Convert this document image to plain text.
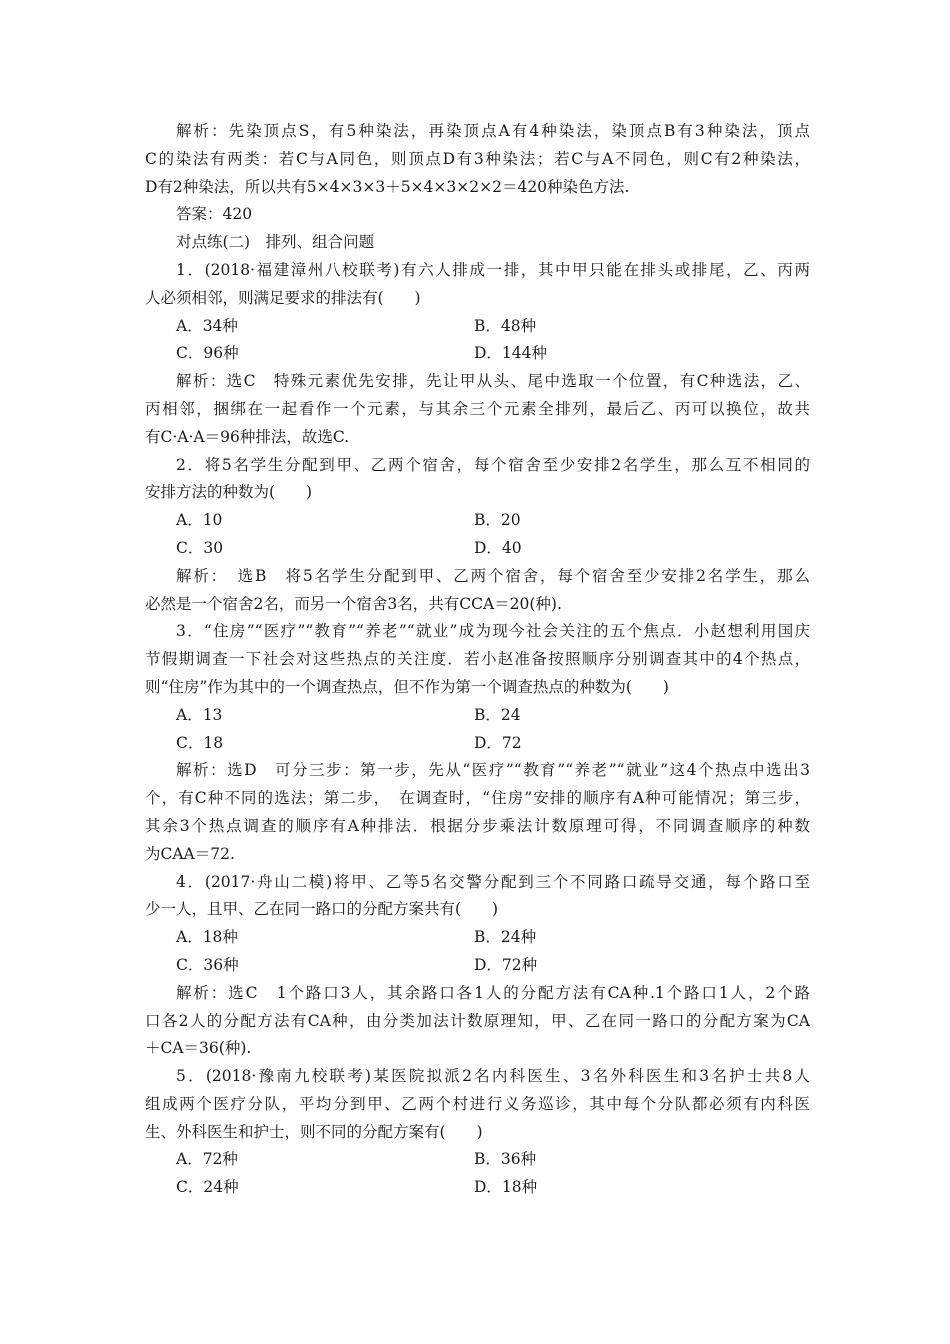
解析：先染顶点S，有5种染法，再染顶点A有4种染法，染顶点B有3种染法，顶点
C的染法有两类：若C与A同色，则顶点D有3种染法；若C与A不同色，则C有2种染法，
D有2种染法，所以共有5×4×3×3＋5×4×3×2×2＝420种染色方法.
答案：420
对点练(二)　排列、组合问题
1．(2018·福建漳州八校联考)有六人排成一排，其中甲只能在排头或排尾，乙、丙两
人必须相邻，则满足要求的排法有(　　)
A．34种	B．48种
C．96种	D．144种
解析：选C　特殊元素优先安排，先让甲从头、尾中选取一个位置，有C种选法，乙、
丙相邻，捆绑在一起看作一个元素，与其余三个元素全排列，最后乙、丙可以换位，故共
有C·A·A＝96种排法，故选C.
2．将5名学生分配到甲、乙两个宿舍，每个宿舍至少安排2名学生，那么互不相同的
安排方法的种数为(　　)
A．10	B．20
C．30	D．40
解析：　选B　将5名学生分配到甲、乙两个宿舍，每个宿舍至少安排2名学生，那么
必然是一个宿舍2名，而另一个宿舍3名，共有CCA＝20(种).
3．“住房”“医疗”“教育”“养老”“就业”成为现今社会关注的五个焦点．小赵想利用国庆
节假期调查一下社会对这些热点的关注度．若小赵准备按照顺序分别调查其中的4个热点，
则“住房”作为其中的一个调查热点，但不作为第一个调查热点的种数为(　　)
A．13	B．24
C．18	D．72
解析：选D　可分三步：第一步，先从“医疗”“教育”“养老”“就业”这4个热点中选出3
个，有C种不同的选法；第二步，　在调查时，“住房”安排的顺序有A种可能情况；第三步，
其余3个热点调查的顺序有A种排法．根据分步乘法计数原理可得，不同调查顺序的种数
为CAA＝72.
4．(2017·舟山二模)将甲、乙等5名交警分配到三个不同路口疏导交通，每个路口至
少一人，且甲、乙在同一路口的分配方案共有(　　)
A．18种	B．24种
C．36种	D．72种
解析：选C　1个路口3人，其余路口各1人的分配方法有CA种.1个路口1人，2个路
口各2人的分配方法有CA种，由分类加法计数原理知，甲、乙在同一路口的分配方案为CA
＋CA＝36(种).
5．(2018·豫南九校联考)某医院拟派2名内科医生、3名外科医生和3名护士共8人
组成两个医疗分队，平均分到甲、乙两个村进行义务巡诊，其中每个分队都必须有内科医
生、外科医生和护士，则不同的分配方案有(　　)
A．72种	B．36种
C．24种	D．18种
